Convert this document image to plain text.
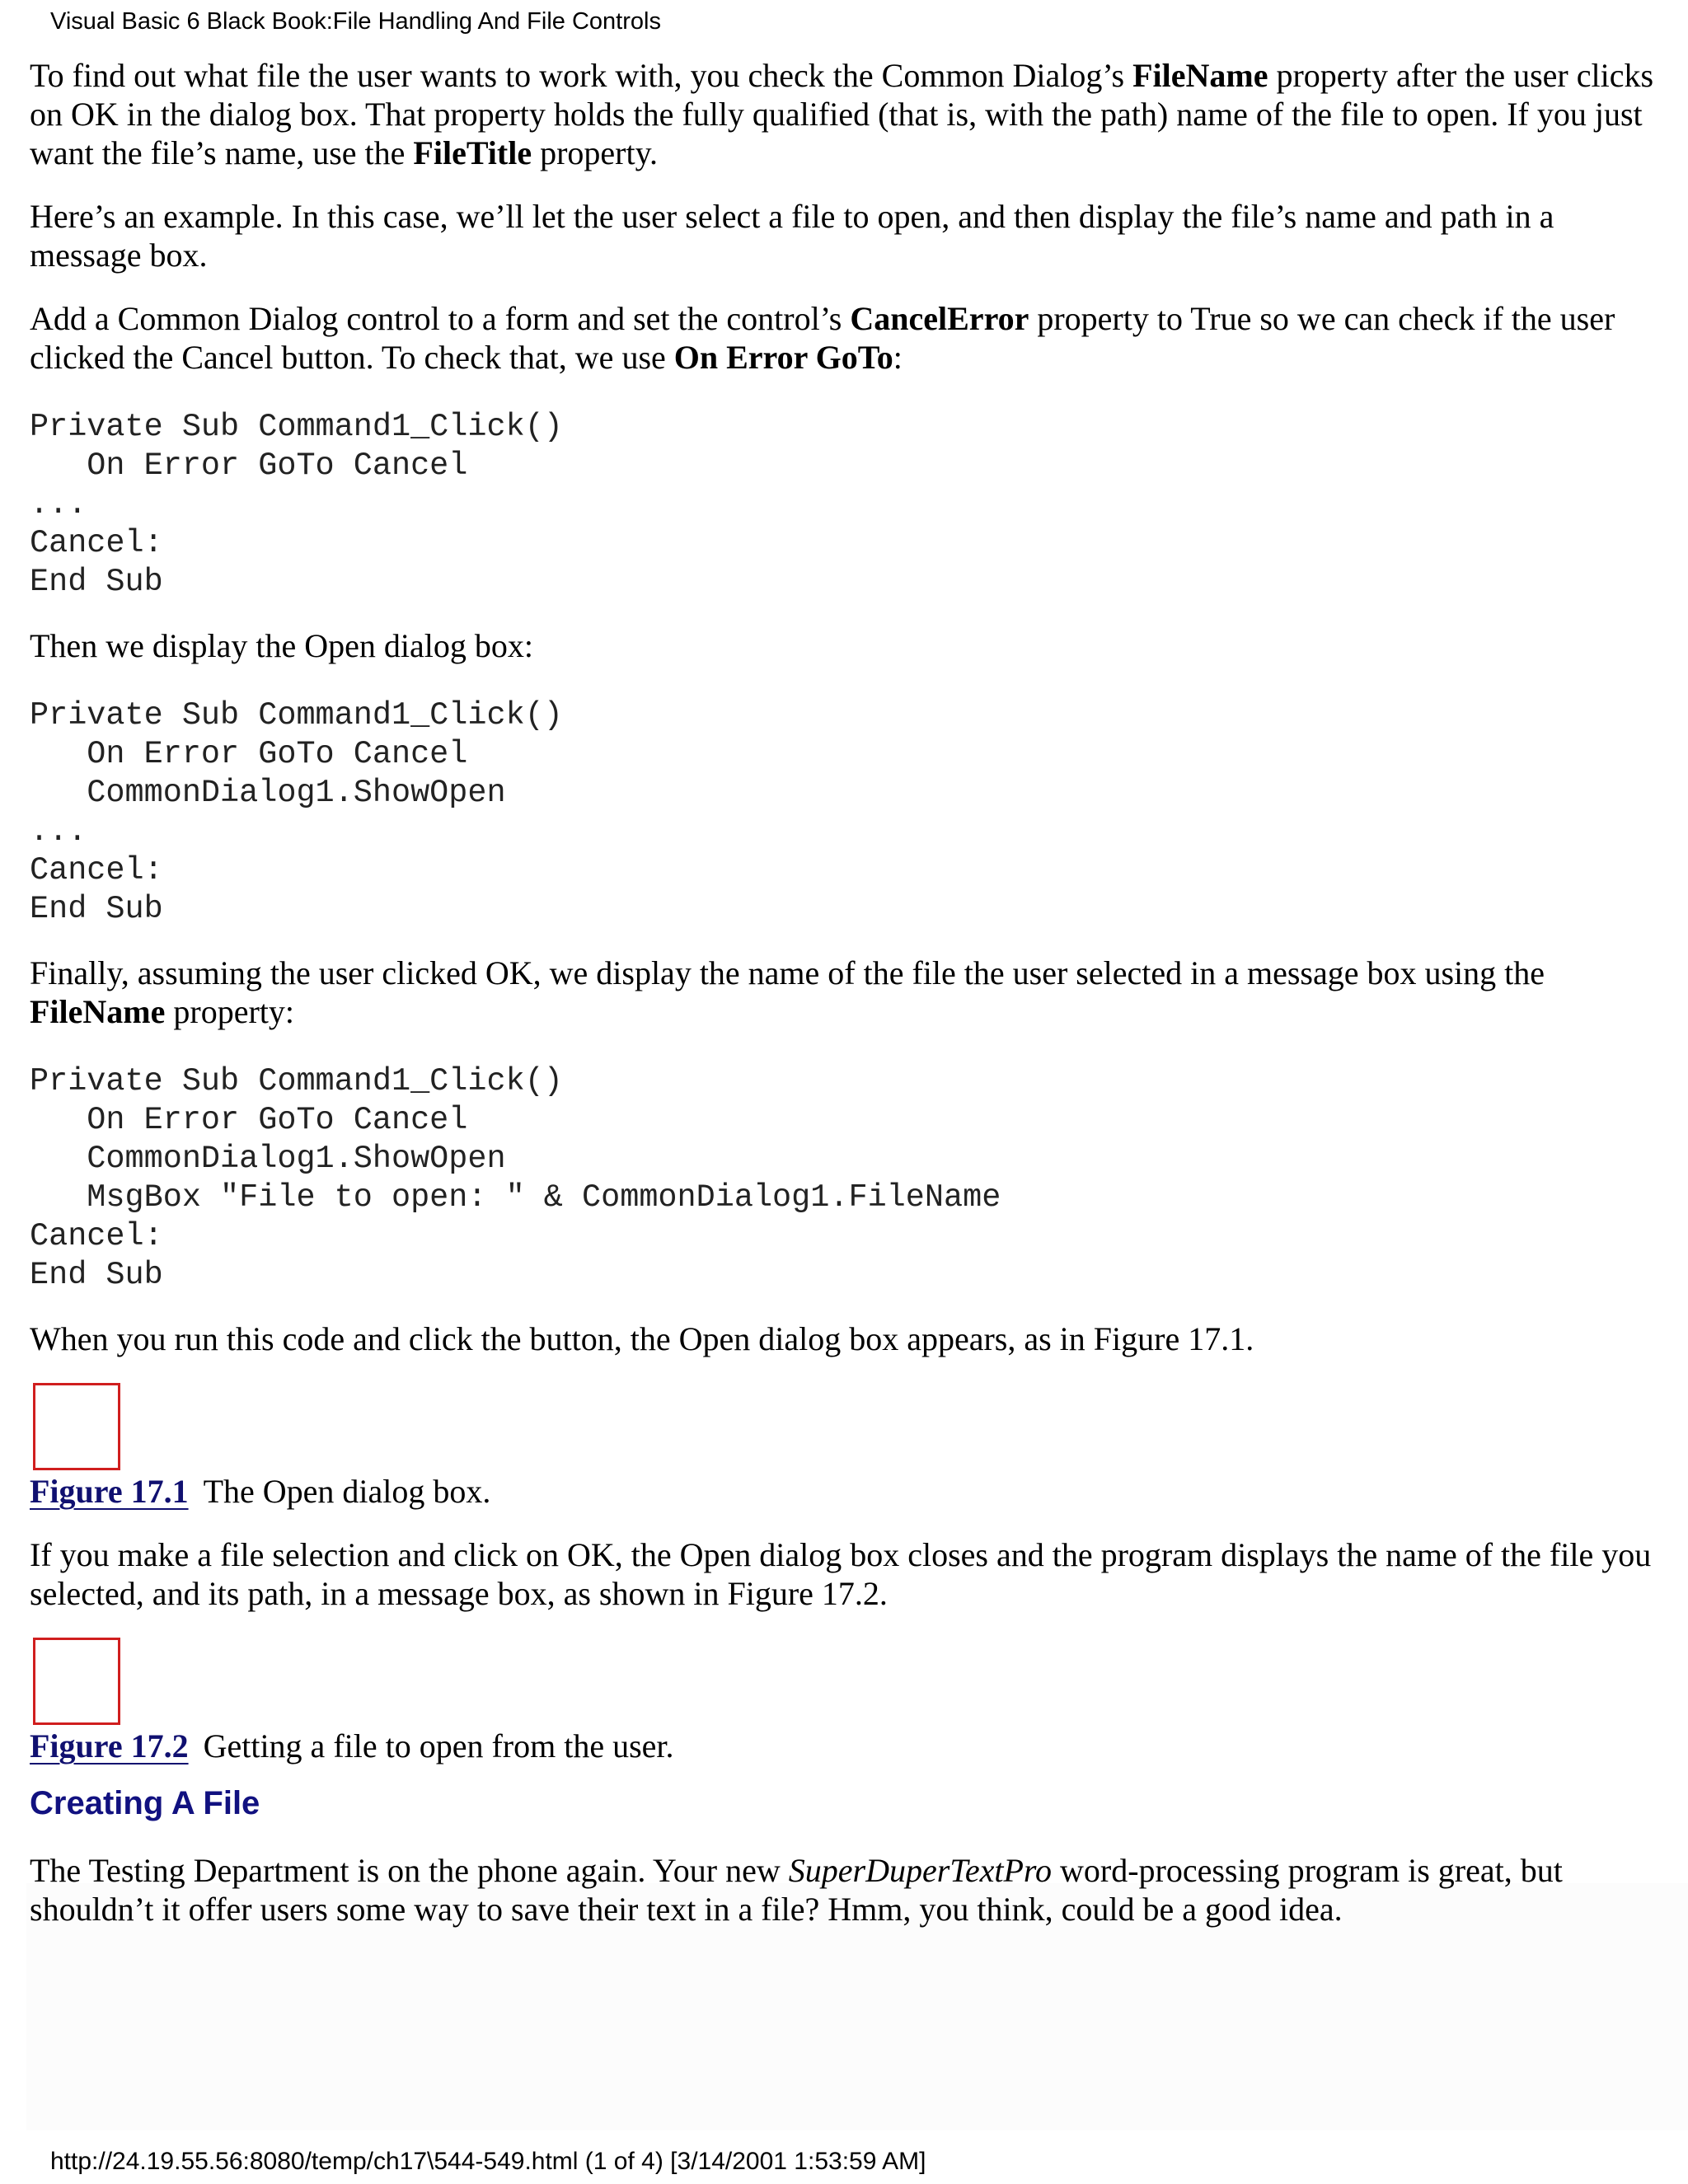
Visual Basic 6 Black Book:File Handling And File Controls

To find out what file the user wants to work with, you check the Common Dialog’s FileName property after the user clicks on OK in the dialog box. That property holds the fully qualified (that is, with the path) name of the file to open. If you just want the file’s name, use the FileTitle property.

Here’s an example. In this case, we’ll let the user select a file to open, and then display the file’s name and path in a message box.

Add a Common Dialog control to a form and set the control’s CancelError property to True so we can check if the user clicked the Cancel button. To check that, we use On Error GoTo:

Private Sub Command1_Click()
On Error GoTo Cancel
...
Cancel:
End Sub

Then we display the Open dialog box:

Private Sub Command1_Click()
On Error GoTo Cancel
CommonDialog1.ShowOpen
...
Cancel:
End Sub

Finally, assuming the user clicked OK, we display the name of the file the user selected in a message box using the FileName property:

Private Sub Command1_Click()
On Error GoTo Cancel
CommonDialog1.ShowOpen
MsgBox "File to open: " & CommonDialog1.FileName
Cancel:
End Sub

When you run this code and click the button, the Open dialog box appears, as in Figure 17.1.

Figure 17.1 The Open dialog box.

If you make a file selection and click on OK, the Open dialog box closes and the program displays the name of the file you selected, and its path, in a message box, as shown in Figure 17.2.

Figure 17.2 Getting a file to open from the user.
Creating A File

The Testing Department is on the phone again. Your new SuperDuperTextPro word-processing program is great, but shouldn’t it offer users some way to save their text in a file? Hmm, you think, could be a good idea.

http://24.19.55.56:8080/temp/ch17\544-549.html (1 of 4) [3/14/2001 1:53:59 AM]
